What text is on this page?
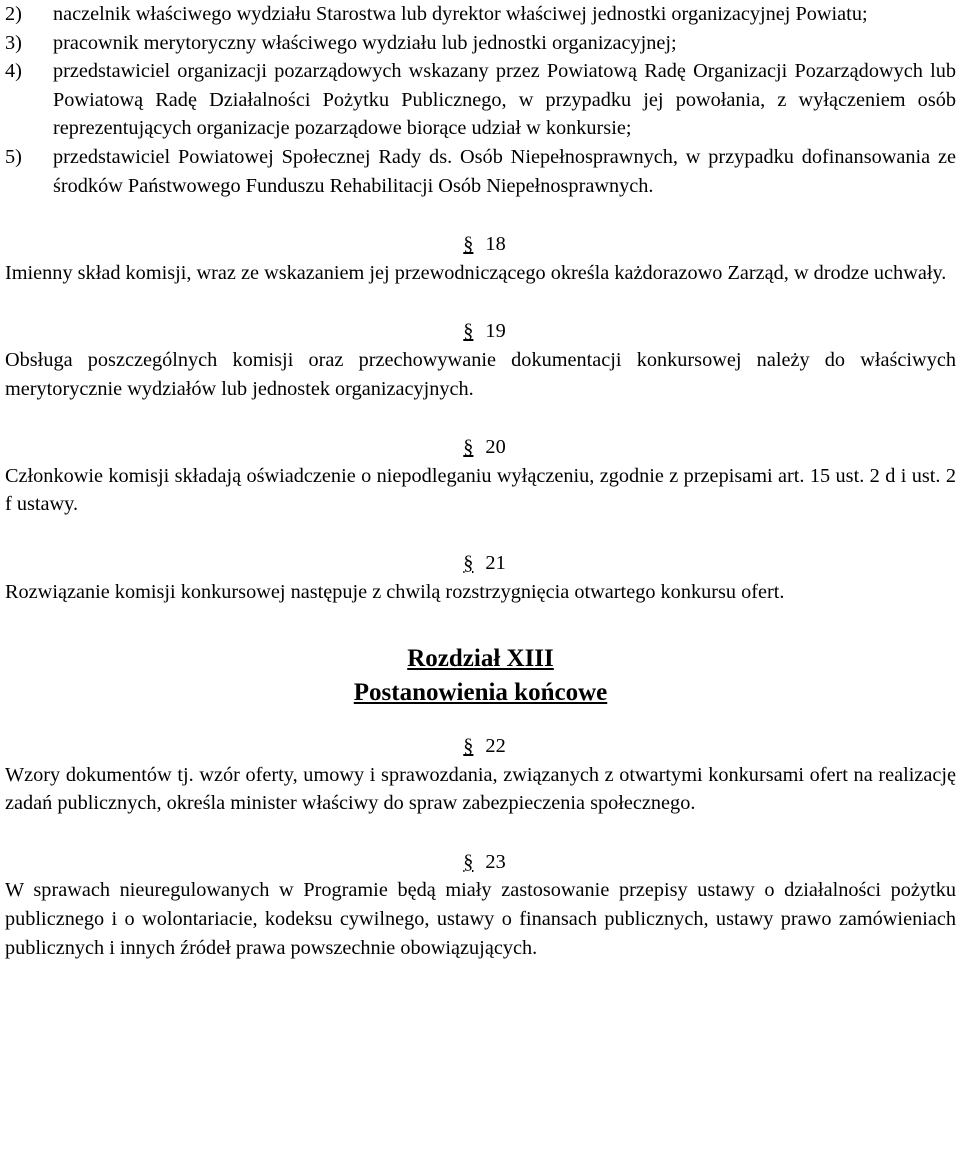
2)	naczelnik właściwego wydziału Starostwa lub dyrektor właściwej jednostki organizacyjnej Powiatu;
3)	pracownik merytoryczny właściwego wydziału lub jednostki organizacyjnej;
4)	przedstawiciel organizacji pozarządowych wskazany przez Powiatową Radę Organizacji Pozarządowych lub Powiatową Radę Działalności Pożytku Publicznego, w przypadku jej powołania, z wyłączeniem osób reprezentujących organizacje pozarządowe biorące udział w konkursie;
5)	przedstawiciel Powiatowej Społecznej Rady ds. Osób Niepełnosprawnych, w przypadku dofinansowania ze środków Państwowego Funduszu Rehabilitacji Osób Niepełnosprawnych.
§ 18
Imienny skład komisji, wraz ze wskazaniem jej przewodniczącego określa każdorazowo Zarząd, w drodze uchwały.
§ 19
Obsługa poszczególnych komisji oraz przechowywanie dokumentacji konkursowej należy do właściwych merytorycznie wydziałów lub jednostek organizacyjnych.
§ 20
Członkowie komisji składają oświadczenie o niepodleganiu wyłączeniu, zgodnie z przepisami art. 15 ust. 2 d i ust. 2 f ustawy.
§ 21
Rozwiązanie komisji konkursowej następuje z chwilą rozstrzygnięcia otwartego konkursu ofert.
Rozdział XIII
Postanowienia końcowe
§ 22
Wzory dokumentów tj. wzór oferty, umowy i sprawozdania, związanych z otwartymi konkursami ofert na realizację zadań publicznych, określa minister właściwy do spraw zabezpieczenia społecznego.
§ 23
W sprawach nieuregulowanych w Programie będą miały zastosowanie przepisy ustawy o działalności pożytku publicznego i o wolontariacie, kodeksu cywilnego, ustawy o finansach publicznych, ustawy prawo zamówieniach publicznych i innych źródeł prawa powszechnie obowiązujących.
